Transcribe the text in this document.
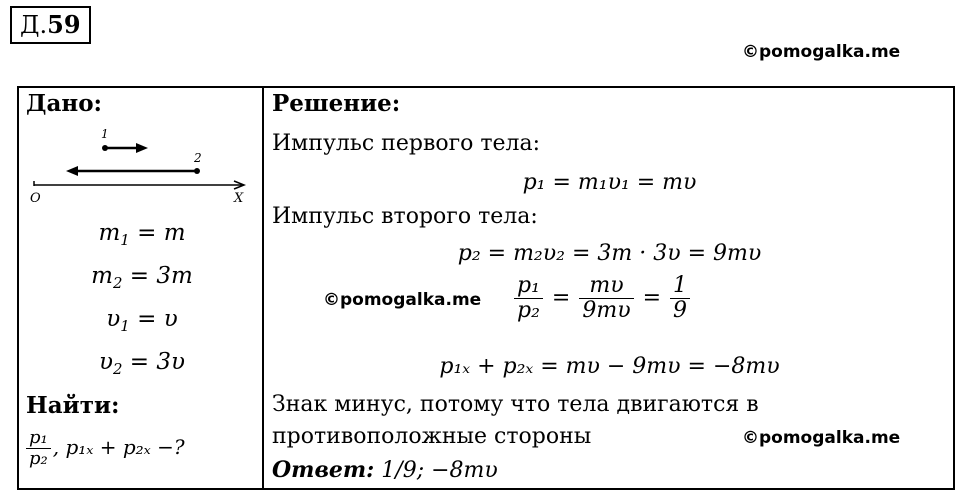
Д.59
©pomogalka.me
Дано:
1
2
O	X
$m_1 = m$
$m_2 = 3m$
$\upsilon_1 = \upsilon$
$\upsilon_2 = 3\upsilon$
Найти:
$\frac{\text{p₁}}{\text{p₂}}$ , p₁ₓ + p₂ₓ −?
Решение:
Импульс первого тела:
p₁ = m₁υ₁ = mυ
Импульс второго тела:
p₂ = m₂υ₂ = 3m · 3υ = 9mυ
©pomogalka.me $\frac{\text{p₁}}{\text{p₂}} = \frac{m\upsilon}{9m\upsilon} = \frac{1}{9}$
p₁ₓ + p₂ₓ = mυ − 9mυ = −8mυ
Знак минус, потому что тела двигаются в
противоположные стороны	©pomogalka.me
Ответ: 1/9; −8mυ
